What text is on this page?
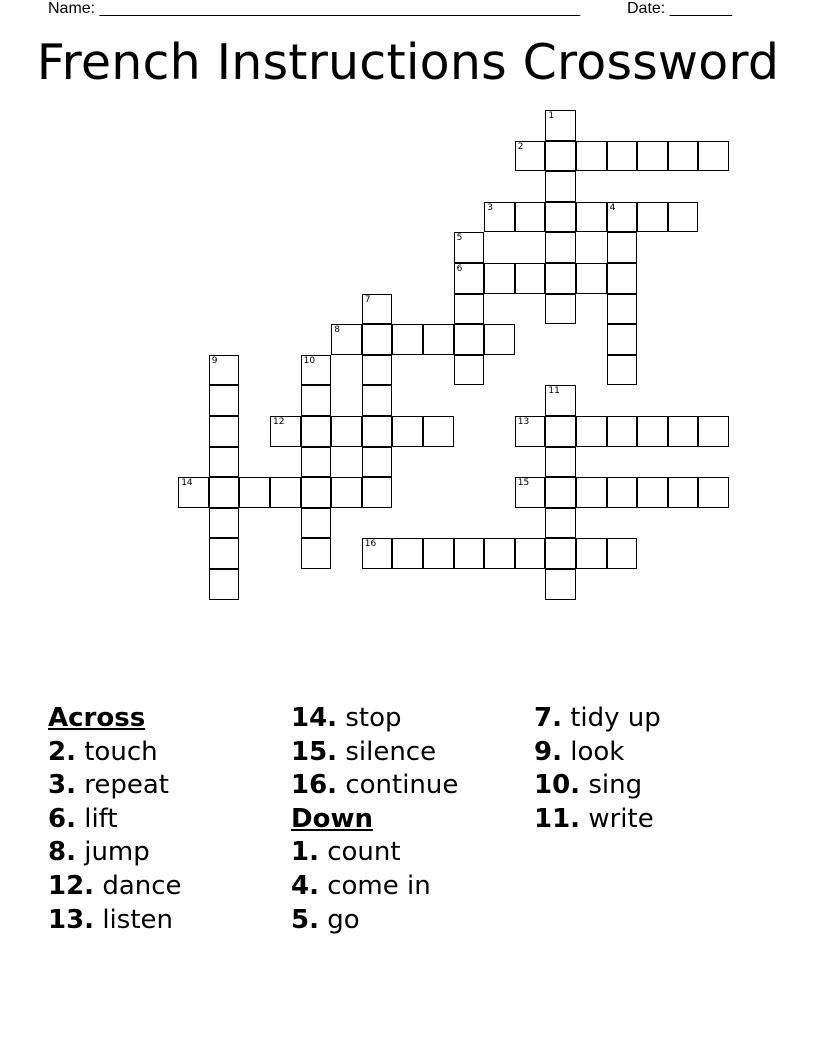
Name: ______________________________________________________	Date: _______
French Instructions Crossword
1
2
3	4
5
6
7
8
9	10
11
12	13
14	15
16
Across
2. touch
3. repeat
6. lift
8. jump
12. dance
13. listen
14. stop
15. silence
16. continue
Down
1. count
4. come in
5. go
7. tidy up
9. look
10. sing
11. write
